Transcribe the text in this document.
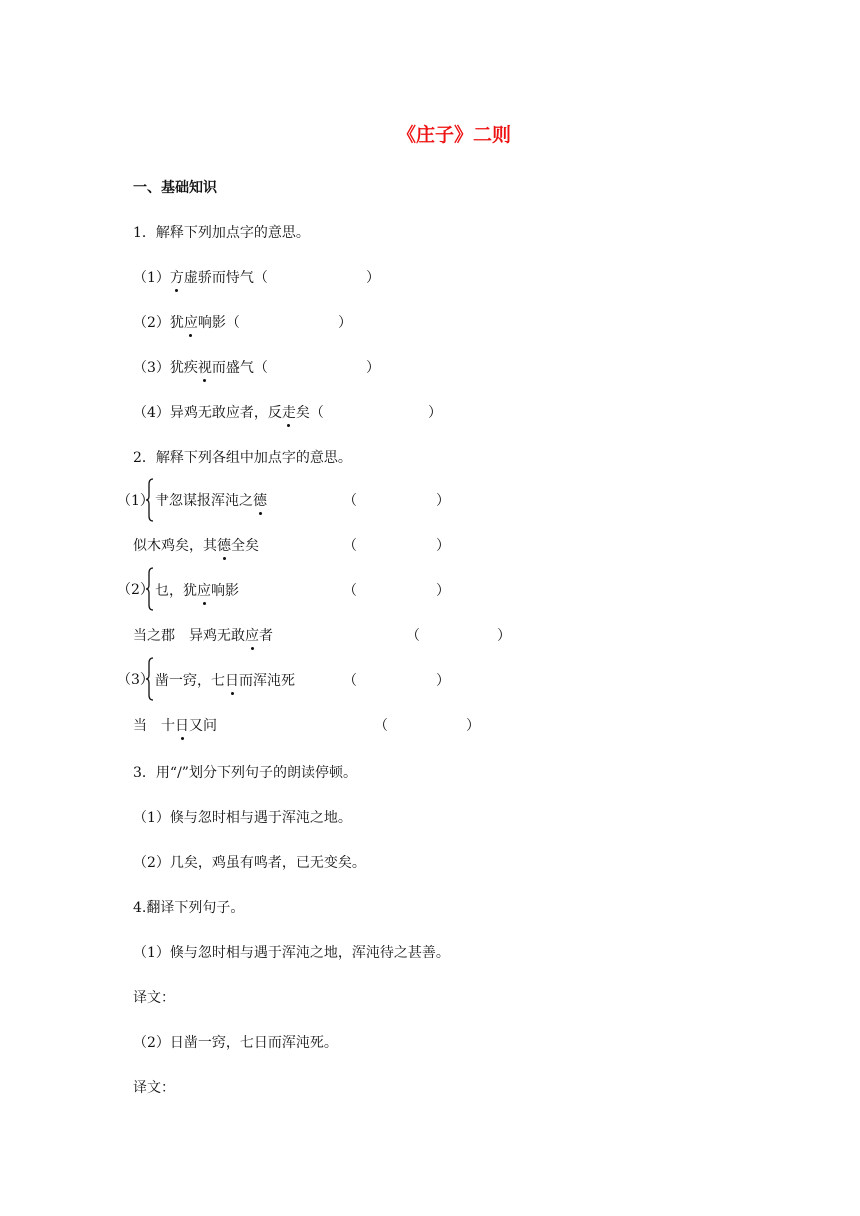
《庄子》二则
一、基础知识
1．解释下列加点字的意思。
（1）方虚骄而恃气（	）
（2）犹应响影（	）
（3）犹疾视而盛气（	）
（4）异鸡无敢应者，反走矣（	）
2．解释下列各组中加点字的意思。
（1） 肀忽谋报浑沌之德	（	）
似木鸡矣，其德全矣	（	）
（2） 乜，犹应响影	（	）
当之郡　异鸡无敢应者	（	）
（3） 凿一窍，七日而浑沌死	（	）
当　十日又问	（	）
3．用“/”划分下列句子的朗读停顿。
（1）倏与忽时相与遇于浑沌之地。
（2）几矣，鸡虽有鸣者，已无变矣。
4.翻译下列句子。
（1）倏与忽时相与遇于浑沌之地，浑沌待之甚善。
译文：
（2）日凿一窍，七日而浑沌死。
译文：
